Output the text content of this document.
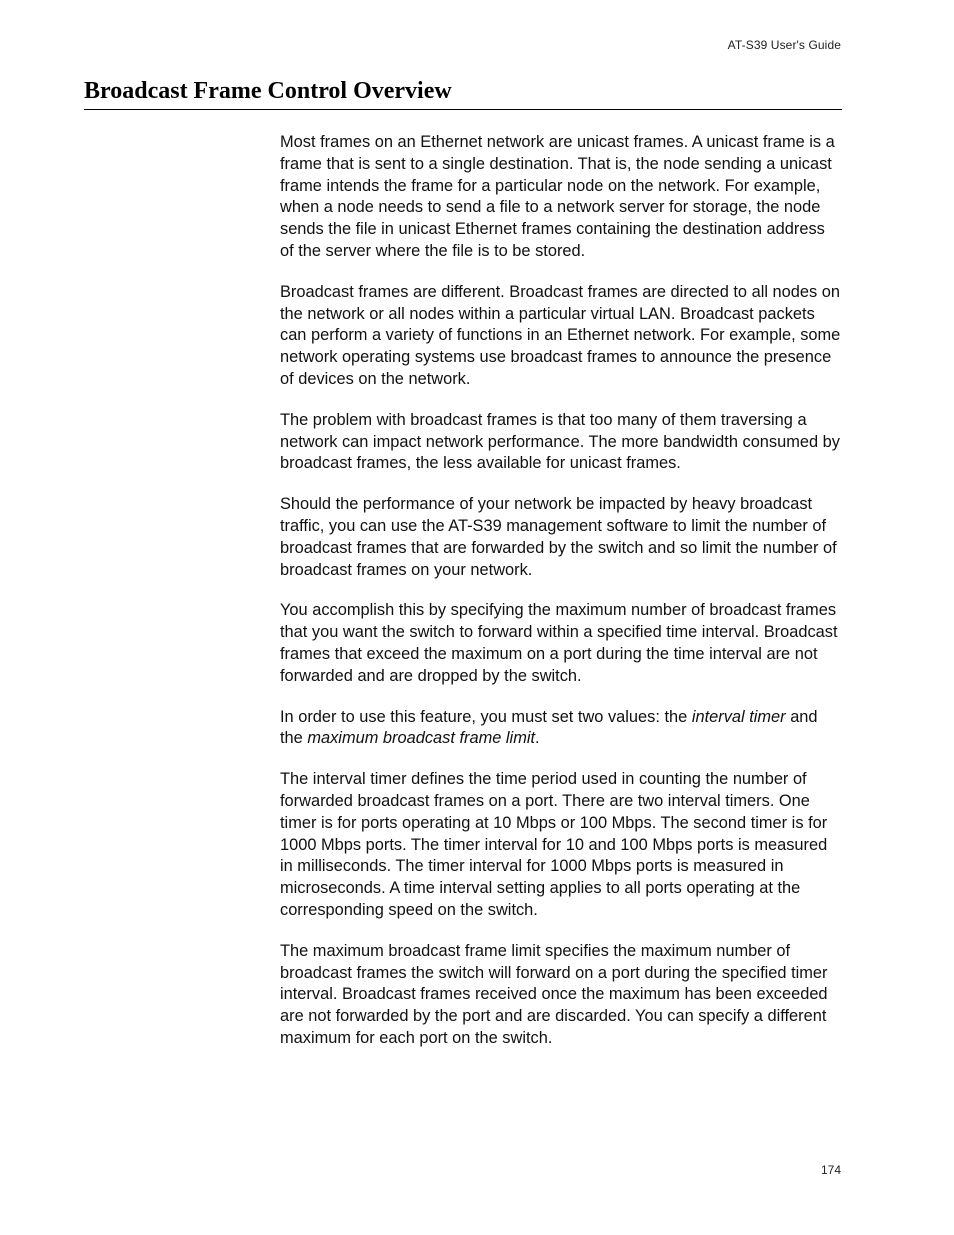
AT-S39 User's Guide
Broadcast Frame Control Overview

Most frames on an Ethernet network are unicast frames. A unicast frame is a frame that is sent to a single destination. That is, the node sending a unicast frame intends the frame for a particular node on the network. For example, when a node needs to send a file to a network server for storage, the node sends the file in unicast Ethernet frames containing the destination address of the server where the file is to be stored.

Broadcast frames are different. Broadcast frames are directed to all nodes on the network or all nodes within a particular virtual LAN. Broadcast packets can perform a variety of functions in an Ethernet network. For example, some network operating systems use broadcast frames to announce the presence of devices on the network.

The problem with broadcast frames is that too many of them traversing a network can impact network performance. The more bandwidth consumed by broadcast frames, the less available for unicast frames.

Should the performance of your network be impacted by heavy broadcast traffic, you can use the AT-S39 management software to limit the number of broadcast frames that are forwarded by the switch and so limit the number of broadcast frames on your network.

You accomplish this by specifying the maximum number of broadcast frames that you want the switch to forward within a specified time interval. Broadcast frames that exceed the maximum on a port during the time interval are not forwarded and are dropped by the switch.

In order to use this feature, you must set two values: the interval timer and the maximum broadcast frame limit.

The interval timer defines the time period used in counting the number of forwarded broadcast frames on a port. There are two interval timers. One timer is for ports operating at 10 Mbps or 100 Mbps. The second timer is for 1000 Mbps ports. The timer interval for 10 and 100 Mbps ports is measured in milliseconds. The timer interval for 1000 Mbps ports is measured in microseconds. A time interval setting applies to all ports operating at the corresponding speed on the switch.

The maximum broadcast frame limit specifies the maximum number of broadcast frames the switch will forward on a port during the specified timer interval. Broadcast frames received once the maximum has been exceeded are not forwarded by the port and are discarded. You can specify a different maximum for each port on the switch.

174
